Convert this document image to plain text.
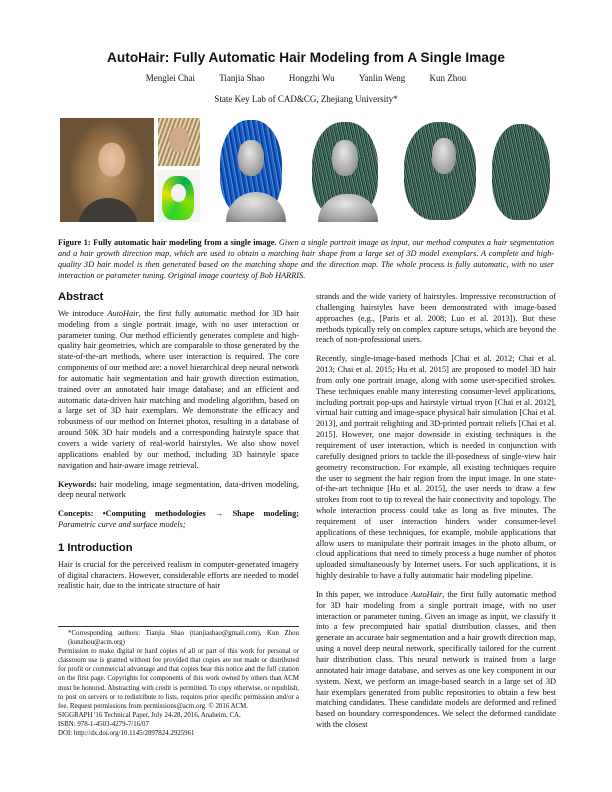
AutoHair: Fully Automatic Hair Modeling from A Single Image
Menglei Chai	Tianjia Shao	Hongzhi Wu	Yanlin Weng	Kun Zhou
State Key Lab of CAD&CG, Zhejiang University*
Figure 1: Fully automatic hair modeling from a single image. Given a single portrait image as input, our method computes a hair segmentation and a hair growth direction map, which are used to obtain a matching hair shape from a large set of 3D model exemplars. A complete and high-quality 3D hair model is then generated based on the matching shape and the direction map. The whole process is fully automatic, with no user interaction or parameter tuning. Original image courtesy of Bob HARRIS.
Abstract

We introduce AutoHair, the first fully automatic method for 3D hair modeling from a single portrait image, with no user interaction or parameter tuning. Our method efficiently generates complete and high-quality hair geometries, which are comparable to those generated by the state-of-the-art methods, where user interaction is required. The core components of our method are: a novel hierarchical deep neural network for automatic hair segmentation and hair growth direction estimation, trained over an annotated hair image database; and an efficient and automatic data-driven hair matching and modeling algorithm, based on a large set of 3D hair exemplars. We demonstrate the efficacy and robustness of our method on Internet photos, resulting in a database of around 50K 3D hair models and a corresponding hairstyle space that covers a wide variety of real-world hairstyles. We also show novel applications enabled by our method, including 3D hairstyle space navigation and hair-aware image retrieval.

Keywords: hair modeling, image segmentation, data-driven modeling, deep neural network

Concepts: •Computing methodologies → Shape modeling; Parametric curve and surface models;

1 Introduction

Hair is crucial for the perceived realism in computer-generated imagery of digital characters. However, considerable efforts are needed to model realistic hair, due to the intricate structure of hair

*Corresponding authors: Tianjia Shao (tianjiashao@gmail.com), Kun Zhou (kunzhou@acm.org)
Permission to make digital or hard copies of all or part of this work for personal or classroom use is granted without fee provided that copies are not made or distributed for profit or commercial advantage and that copies bear this notice and the full citation on the first page. Copyrights for components of this work owned by others than ACM must be honored. Abstracting with credit is permitted. To copy otherwise, or republish, to post on servers or to redistribute to lists, requires prior specific permission and/or a fee. Request permissions from permissions@acm.org. © 2016 ACM.
SIGGRAPH '16 Technical Paper, July 24-28, 2016, Anaheim, CA,
ISBN: 978-1-4503-4279-7/16/07
DOI: http://dx.doi.org/10.1145/2897824.2925961

strands and the wide variety of hairstyles. Impressive reconstruction of challenging hairstyles have been demonstrated with image-based approaches (e.g., [Paris et al. 2008; Luo et al. 2013]). But these methods typically rely on complex capture setups, which are beyond the reach of non-professional users.

Recently, single-image-based methods [Chai et al. 2012; Chai et al. 2013; Chai et al. 2015; Hu et al. 2015] are proposed to model 3D hair from only one portrait image, along with some user-specified strokes. These techniques enable many interesting consumer-level applications, including portrait pop-ups and hairstyle virtual tryon [Chai et al. 2012], virtual hair cutting and image-space physical hair simulation [Chai et al. 2013], and portrait relighting and 3D-printed portrait reliefs [Chai et al. 2015]. However, one major downside in existing techniques is the requirement of user interaction, which is needed in conjunction with carefully designed priors to tackle the ill-posedness of single-view hair geometry reconstruction. For example, all existing techniques require the user to segment the hair region from the input image. In one state-of-the-art technique [Hu et al. 2015], the user needs to draw a few strokes from root to tip to reveal the hair connectivity and topology. The whole interaction process could take as long as five minutes. The requirement of user interaction hinders wider consumer-level applications of these techniques, for example, mobile applications that allow users to manipulate their portrait images in the photo album, or cloud applications that need to timely process a huge number of photos uploaded simultaneously by Internet users. For such applications, it is highly desirable to have a fully automatic hair modeling pipeline.

In this paper, we introduce AutoHair, the first fully automatic method for 3D hair modeling from a single portrait image, with no user interaction or parameter tuning. Given an image as input, we classify it into a few precomputed hair spatial distribution classes, and then generate an accurate hair segmentation and a hair growth direction map, using a novel deep neural network, specifically tailored for the current hair distribution class. This neural network is trained from a large annotated hair image database, and serves as one key component in our system. Next, we perform an image-based search in a large set of 3D hair exemplars generated from public repositories to obtain a few best matching candidates. These candidate models are deformed and refined based on boundary correspondences. We select the deformed candidate with the closest
